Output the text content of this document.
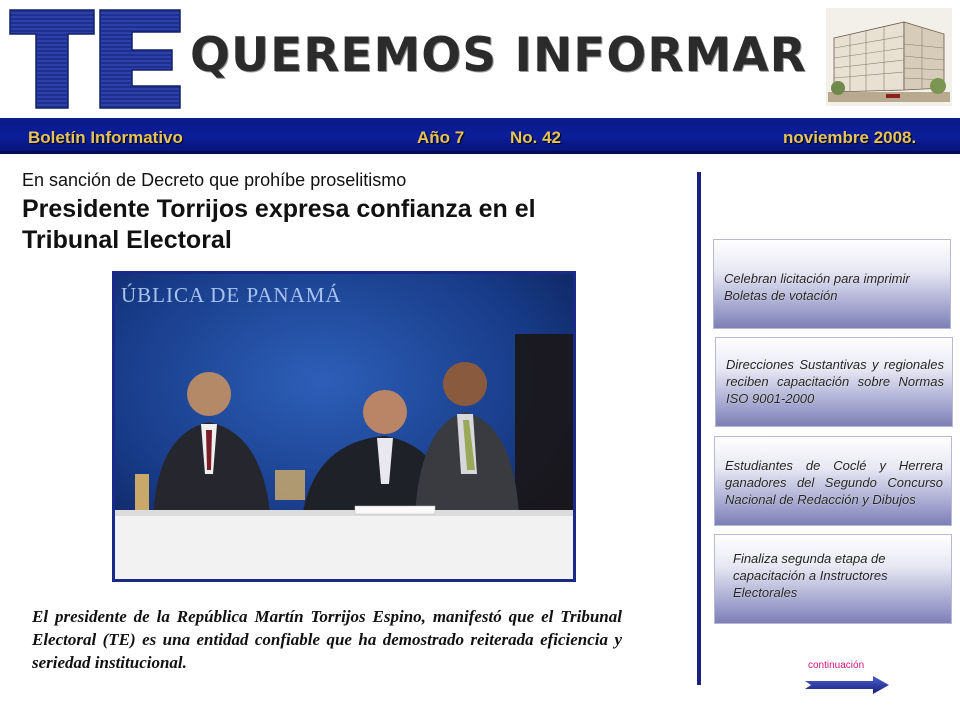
TE QUEREMOS INFORMAR
Boletín Informativo	Año 7	No. 42	noviembre 2008.
En sanción de Decreto que prohíbe proselitismo
Presidente Torrijos expresa confianza en el Tribunal Electoral
ÚBLICA DE PANAMÁ

El presidente de la República Martín Torrijos Espino, manifestó que el Tribunal Electoral (TE) es una entidad confiable que ha demostrado reiterada eficiencia y seriedad institucional.

Celebran licitación para imprimir Boletas de votación

Direcciones Sustantivas y regionales reciben capacitación sobre Normas ISO 9001-2000

Estudiantes de Coclé y Herrera ganadores del Segundo Concurso Nacional de Redacción y Dibujos

Finaliza segunda etapa de capacitación a Instructores Electorales

continuación
